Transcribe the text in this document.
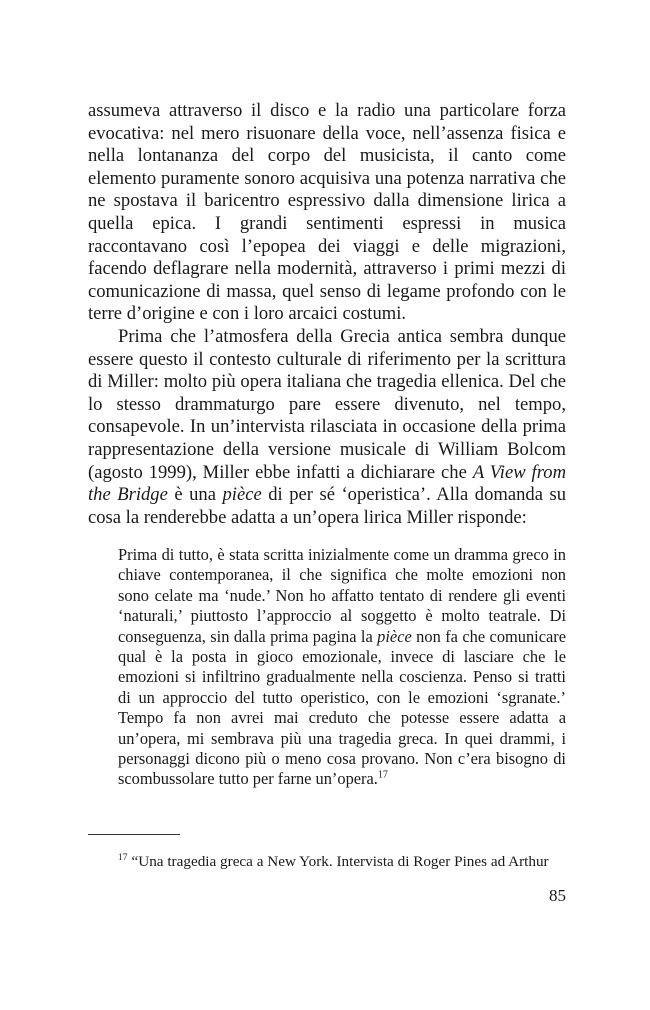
assumeva attraverso il disco e la radio una particolare forza evocativa: nel mero risuonare della voce, nell’assenza fisica e nella lontananza del corpo del musicista, il canto come elemento puramente sonoro acquisiva una potenza narrativa che ne spostava il baricentro espressivo dalla dimensione lirica a quella epica. I grandi sentimenti espressi in musica raccontavano così l’epopea dei viaggi e delle migrazioni, facendo deflagrare nella modernità, attraverso i primi mezzi di comunicazione di massa, quel senso di legame profondo con le terre d’origine e con i loro arcaici costumi.

Prima che l’atmosfera della Grecia antica sembra dunque essere questo il contesto culturale di riferimento per la scrittura di Miller: molto più opera italiana che tragedia ellenica. Del che lo stesso drammaturgo pare essere divenuto, nel tempo, consapevole. In un’intervista rilasciata in occasione della prima rappresentazione della versione musicale di William Bolcom (agosto 1999), Miller ebbe infatti a dichiarare che A View from the Bridge è una pièce di per sé ‘operistica’. Alla domanda su cosa la renderebbe adatta a un’opera lirica Miller risponde:

Prima di tutto, è stata scritta inizialmente come un dramma greco in chiave contemporanea, il che significa che molte emozioni non sono celate ma ‘nude.’ Non ho affatto tentato di rendere gli eventi ‘naturali,’ piuttosto l’approccio al soggetto è molto teatrale. Di conseguenza, sin dalla prima pagina la pièce non fa che comunicare qual è la posta in gioco emozionale, invece di lasciare che le emozioni si infiltrino gradualmente nella coscienza. Penso si tratti di un approccio del tutto operistico, con le emozioni ‘sgranate.’ Tempo fa non avrei mai creduto che potesse essere adatta a un’opera, mi sembrava più una tragedia greca. In quei drammi, i personaggi dicono più o meno cosa provano. Non c’era bisogno di scombussolare tutto per farne un’opera.$^{17}$

$^{17}$ “Una tragedia greca a New York. Intervista di Roger Pines ad Arthur
85
